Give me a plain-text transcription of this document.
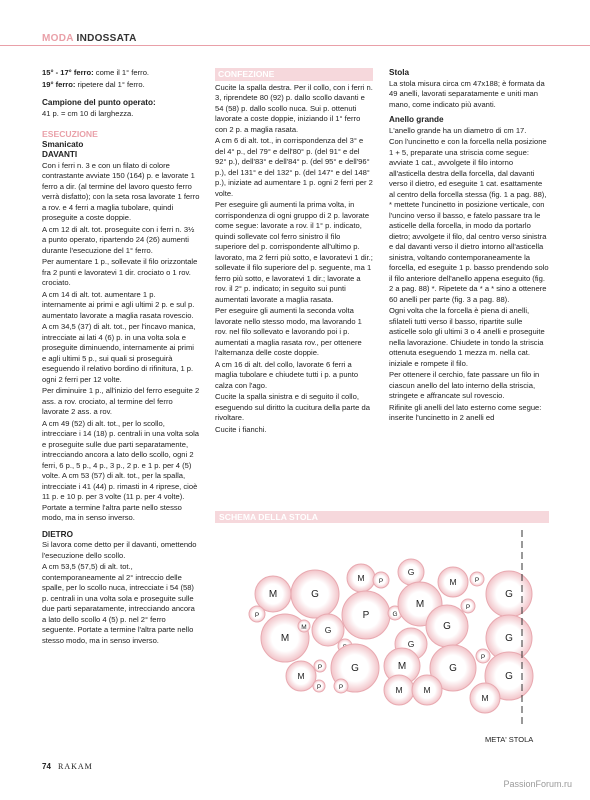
MODA INDOSSATA

15° - 17° ferro: come il 1° ferro.

19° ferro: ripetere dal 1° ferro.

Campione del punto operato:

41 p. = cm 10 di larghezza.

ESECUZIONE
Smanicato
DAVANTI

Con i ferri n. 3 e con un filato di colore contrastante avviate 150 (164) p. e lavorate 1 ferro a dir. (al termine del lavoro questo ferro verrà disfatto); con la seta rosa lavorate 1 ferro a rov. e 4 ferri a maglia tubolare, quindi proseguite a coste doppie.

A cm 12 di alt. tot. proseguite con i ferri n. 3½ a punto operato, ripartendo 24 (26) aumenti durante l'esecuzione del 1° ferro.

Per aumentare 1 p., sollevate il filo orizzontale fra 2 punti e lavoratevi 1 dir. crociato o 1 rov. crociato.

A cm 14 di alt. tot. aumentare 1 p. internamente ai primi e agli ultimi 2 p. e sul p. aumentato lavorate a maglia rasata rovescio.

A cm 34,5 (37) di alt. tot., per l'incavo manica, intrecciate ai lati 4 (6) p. in una volta sola e proseguite diminuendo, internamente ai primi e agli ultimi 5 p., sui quali si proseguirà eseguendo il relativo bordino di rifinitura, 1 p. ogni 2 ferri per 12 volte.

Per diminuire 1 p., all'inizio del ferro eseguite 2 ass. a rov. crociato, al termine del ferro lavorate 2 ass. a rov.

A cm 49 (52) di alt. tot., per lo scollo, intrecciare i 14 (18) p. centrali in una volta sola e proseguite sulle due parti separatamente, intrecciando ancora a lato dello scollo, ogni 2 ferri, 6 p., 5 p., 4 p., 3 p., 2 p. e 1 p. per 4 (5) volte. A cm 53 (57) di alt. tot., per la spalla, intrecciate i 41 (44) p. rimasti in 4 riprese, cioè 11 p. e 10 p. per 3 volte (11 p. per 4 volte). Portate a termine l'altra parte nello stesso modo, ma in senso inverso.

DIETRO

Si lavora come detto per il davanti, omettendo l'esecuzione dello scollo.

A cm 53,5 (57,5) di alt. tot., contemporaneamente al 2° intreccio delle spalle, per lo scollo nuca, intrecciate i 54 (58) p. centrali in una volta sola e proseguite sulle due parti separatamente, intrecciando ancora a lato dello scollo 4 (5) p. nel 2° ferro seguente. Portate a termine l'altra parte nello stesso modo, ma in senso inverso.

CONFEZIONE

Cucite la spalla destra. Per il collo, con i ferri n. 3, riprendete 80 (92) p. dallo scollo davanti e 54 (58) p. dallo scollo nuca. Sui p. ottenuti lavorate a coste doppie, iniziando il 1° ferro con 2 p. a maglia rasata.

A cm 6 di alt. tot., in corrispondenza del 3° e del 4° p., del 79° e dell'80° p. (del 91° e del 92° p.), dell'83° e dell'84° p. (del 95° e dell'96° p.), del 131° e del 132° p. (del 147° e del 148° p.), iniziate ad aumentare 1 p. ogni 2 ferri per 2 volte.

Per eseguire gli aumenti la prima volta, in corrispondenza di ogni gruppo di 2 p. lavorate come segue: lavorate a rov. il 1° p. indicato, quindi sollevate col ferro sinistro il filo superiore del p. corrispondente all'ultimo p. lavorato, ma 2 ferri più sotto, e lavoratevi 1 dir.; sollevate il filo superiore del p. seguente, ma 1 ferro più sotto, e lavoratevi 1 dir.; lavorate a rov. il 2° p. indicato; in seguito sui punti aumentati lavorate a maglia rasata.

Per eseguire gli aumenti la seconda volta lavorate nello stesso modo, ma lavorando 1 rov. nel filo sollevato e lavorando poi i p. aumentati a maglia rasata rov., per ottenere l'alternanza delle coste doppie.

A cm 16 di alt. del collo, lavorate 6 ferri a maglia tubolare e chiudete tutti i p. a punto calza con l'ago.

Cucite la spalla sinistra e di seguito il collo, eseguendo sul diritto la cucitura della parte da rivoltare.

Cucite i fianchi.

Stola

La stola misura circa cm 47x188; è formata da 49 anelli, lavorati separatamente e uniti man mano, come indicato più avanti.

Anello grande

L'anello grande ha un diametro di cm 17.

Con l'uncinetto e con la forcella nella posizione 1 + 5, preparate una striscia come segue: avviate 1 cat., avvolgete il filo intorno all'asticella destra della forcella, dal davanti verso il dietro, ed eseguite 1 cat. esattamente al centro della forcella stessa (fig. 1 a pag. 88), * mettete l'uncinetto in posizione verticale, con l'uncino verso il basso, e fatelo passare tra le asticelle della forcella, in modo da portarlo dietro; avvolgete il filo, dal centro verso sinistra e dal davanti verso il dietro intorno all'asticella sinistra, voltando contemporaneamente la forcella, ed eseguite 1 p. basso prendendo solo il filo anteriore dell'anello appena eseguito (fig. 2 a pag. 88) *. Ripetete da * a * sino a ottenere 60 anelli per parte (fig. 3 a pag. 88).

Ogni volta che la forcella è piena di anelli, sfilateli tutti verso il basso, ripartite sulle asticelle solo gli ultimi 3 o 4 anelli e proseguite nella lavorazione. Chiudete in tondo la striscia ottenuta eseguendo 1 mezza m. nella cat. iniziale e rompete il filo.

Per ottenere il cerchio, fate passare un filo in ciascun anello del lato interno della striscia, stringete e affrancate sul rovescio.

Rifinite gli anelli del lato esterno come segue: inserite l'uncinetto in 2 anelli ed

SCHEMA DELLA STOLA
M	G
M P
G
M	P
G
P
M
G
P	G
M
G
P
G
M
G
P
M
P
G	M	G
G
P
P	M M
M
META' STOLA
74 RAKAM
PassionForum.ru
